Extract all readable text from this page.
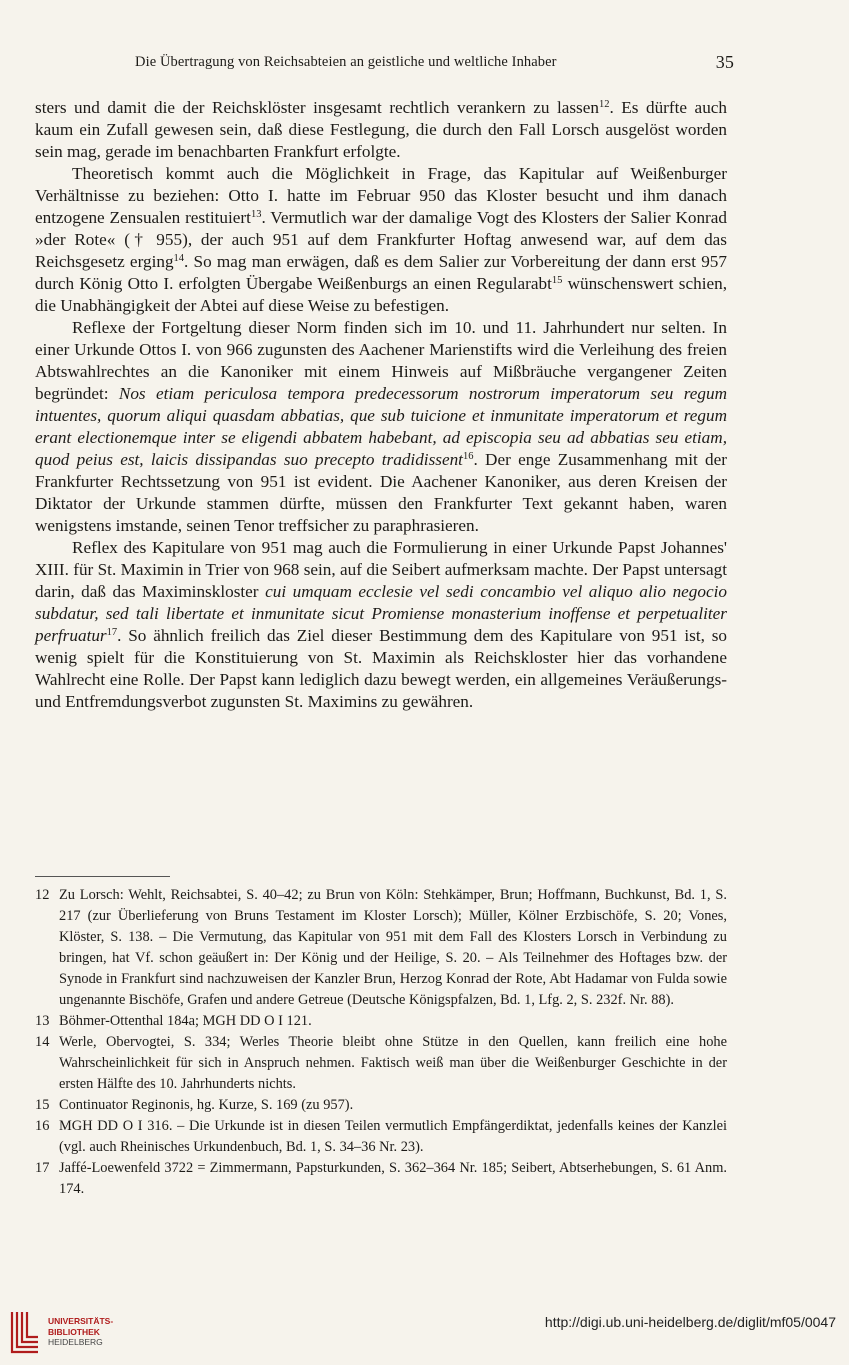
Die Übertragung von Reichsabteien an geistliche und weltliche Inhaber	35

sters und damit die der Reichsklöster insgesamt rechtlich verankern zu lassen$^{12}$. Es dürfte auch kaum ein Zufall gewesen sein, daß diese Festlegung, die durch den Fall Lorsch ausgelöst worden sein mag, gerade im benachbarten Frankfurt erfolgte.

Theoretisch kommt auch die Möglichkeit in Frage, das Kapitular auf Weißenburger Verhältnisse zu beziehen: Otto I. hatte im Februar 950 das Kloster besucht und ihm danach entzogene Zensualen restituiert$^{13}$. Vermutlich war der damalige Vogt des Klosters der Salier Konrad »der Rote« († 955), der auch 951 auf dem Frankfurter Hoftag anwesend war, auf dem das Reichsgesetz erging$^{14}$. So mag man erwägen, daß es dem Salier zur Vorbereitung der dann erst 957 durch König Otto I. erfolgten Übergabe Weißenburgs an einen Regularabt$^{15}$ wünschenswert schien, die Unabhängigkeit der Abtei auf diese Weise zu befestigen.

Reflexe der Fortgeltung dieser Norm finden sich im 10. und 11. Jahrhundert nur selten. In einer Urkunde Ottos I. von 966 zugunsten des Aachener Marienstifts wird die Verleihung des freien Abtswahlrechtes an die Kanoniker mit einem Hinweis auf Mißbräuche vergangener Zeiten begründet: Nos etiam periculosa tempora predecessorum nostrorum imperatorum seu regum intuentes, quorum aliqui quasdam abbatias, que sub tuicione et inmunitate imperatorum et regum erant electionemque inter se eligendi abbatem habebant, ad episcopia seu ad abbatias seu etiam, quod peius est, laicis dissipandas suo precepto tradidissent$^{16}$. Der enge Zusammenhang mit der Frankfurter Rechtssetzung von 951 ist evident. Die Aachener Kanoniker, aus deren Kreisen der Diktator der Urkunde stammen dürfte, müssen den Frankfurter Text gekannt haben, waren wenigstens imstande, seinen Tenor treffsicher zu paraphrasieren.

Reflex des Kapitulare von 951 mag auch die Formulierung in einer Urkunde Papst Johannes' XIII. für St. Maximin in Trier von 968 sein, auf die Seibert aufmerksam machte. Der Papst untersagt darin, daß das Maximinskloster cui umquam ecclesie vel sedi concambio vel aliquo alio negocio subdatur, sed tali libertate et inmunitate sicut Promiense monasterium inoffense et perpetualiter perfruatur$^{17}$. So ähnlich freilich das Ziel dieser Bestimmung dem des Kapitulare von 951 ist, so wenig spielt für die Konstituierung von St. Maximin als Reichskloster hier das vorhandene Wahlrecht eine Rolle. Der Papst kann lediglich dazu bewegt werden, ein allgemeines Veräußerungs- und Entfremdungsverbot zugunsten St. Maximins zu gewähren.

12 Zu Lorsch: Wehlt, Reichsabtei, S. 40–42; zu Brun von Köln: Stehkämper, Brun; Hoffmann, Buchkunst, Bd. 1, S. 217 (zur Überlieferung von Bruns Testament im Kloster Lorsch); Müller, Kölner Erzbischöfe, S. 20; Vones, Klöster, S. 138. – Die Vermutung, das Kapitular von 951 mit dem Fall des Klosters Lorsch in Verbindung zu bringen, hat Vf. schon geäußert in: Der König und der Heilige, S. 20. – Als Teilnehmer des Hoftages bzw. der Synode in Frankfurt sind nachzuweisen der Kanzler Brun, Herzog Konrad der Rote, Abt Hadamar von Fulda sowie ungenannte Bischöfe, Grafen und andere Getreue (Deutsche Königspfalzen, Bd. 1, Lfg. 2, S. 232f. Nr. 88).
13 Böhmer-Ottenthal 184a; MGH DD O I 121.
14 Werle, Obervogtei, S. 334; Werles Theorie bleibt ohne Stütze in den Quellen, kann freilich eine hohe Wahrscheinlichkeit für sich in Anspruch nehmen. Faktisch weiß man über die Weißenburger Geschichte in der ersten Hälfte des 10. Jahrhunderts nichts.
15 Continuator Reginonis, hg. Kurze, S. 169 (zu 957).
16 MGH DD O I 316. – Die Urkunde ist in diesen Teilen vermutlich Empfängerdiktat, jedenfalls keines der Kanzlei (vgl. auch Rheinisches Urkundenbuch, Bd. 1, S. 34–36 Nr. 23).
17 Jaffé-Loewenfeld 3722 = Zimmermann, Papsturkunden, S. 362–364 Nr. 185; Seibert, Abtserhebungen, S. 61 Anm. 174.
UNIVERSITÄTS-
BIBLIOTHEK
HEIDELBERG
http://digi.ub.uni-heidelberg.de/diglit/mf05/0047
